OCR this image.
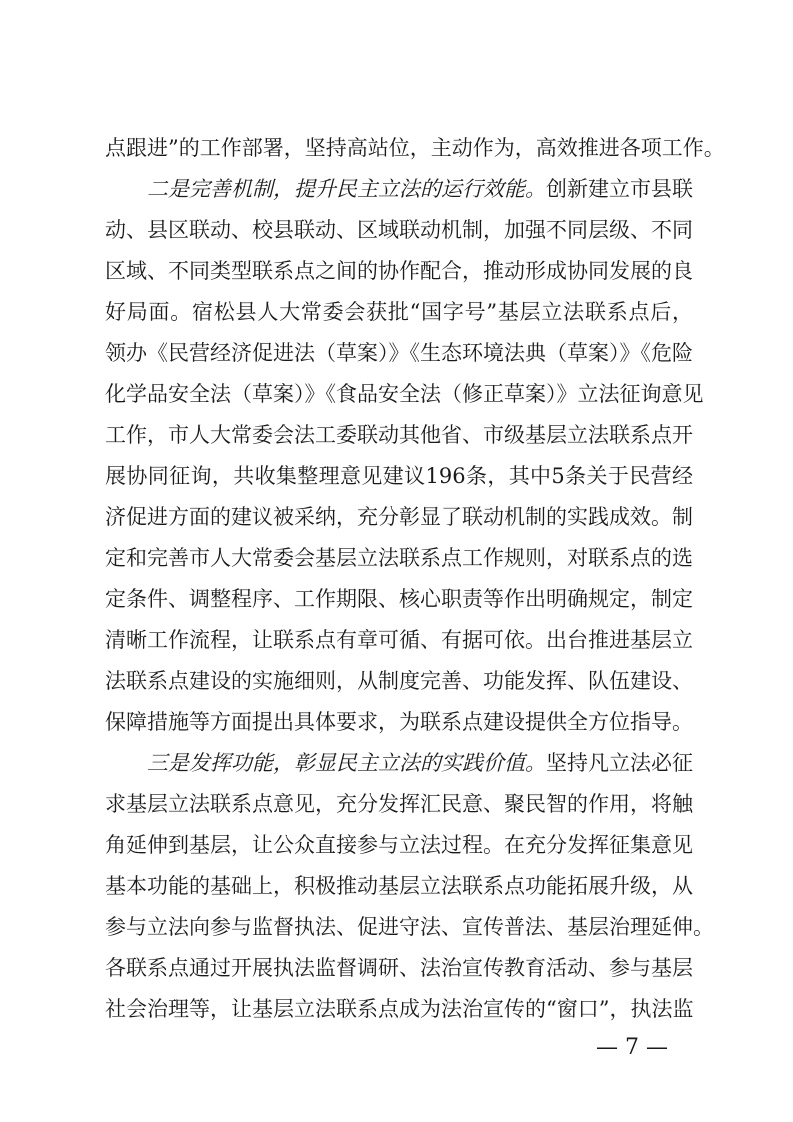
点跟进”的工作部署，坚持高站位，主动作为，高效推进各项工作。
二是完善机制，提升民主立法的运行效能。创新建立市县联
动、县区联动、校县联动、区域联动机制，加强不同层级、不同
区域、不同类型联系点之间的协作配合，推动形成协同发展的良
好局面。宿松县人大常委会获批“国字号”基层立法联系点后，
领办《民营经济促进法（草案）》《生态环境法典（草案）》《危险
化学品安全法（草案）》《食品安全法（修正草案）》立法征询意见
工作，市人大常委会法工委联动其他省、市级基层立法联系点开
展协同征询，共收集整理意见建议196条，其中5条关于民营经
济促进方面的建议被采纳，充分彰显了联动机制的实践成效。制
定和完善市人大常委会基层立法联系点工作规则，对联系点的选
定条件、调整程序、工作期限、核心职责等作出明确规定，制定
清晰工作流程，让联系点有章可循、有据可依。出台推进基层立
法联系点建设的实施细则，从制度完善、功能发挥、队伍建设、
保障措施等方面提出具体要求，为联系点建设提供全方位指导。
三是发挥功能，彰显民主立法的实践价值。坚持凡立法必征
求基层立法联系点意见，充分发挥汇民意、聚民智的作用，将触
角延伸到基层，让公众直接参与立法过程。在充分发挥征集意见
基本功能的基础上，积极推动基层立法联系点功能拓展升级，从
参与立法向参与监督执法、促进守法、宣传普法、基层治理延伸。
各联系点通过开展执法监督调研、法治宣传教育活动、参与基层
社会治理等，让基层立法联系点成为法治宣传的“窗口”，执法监
— 7 —
